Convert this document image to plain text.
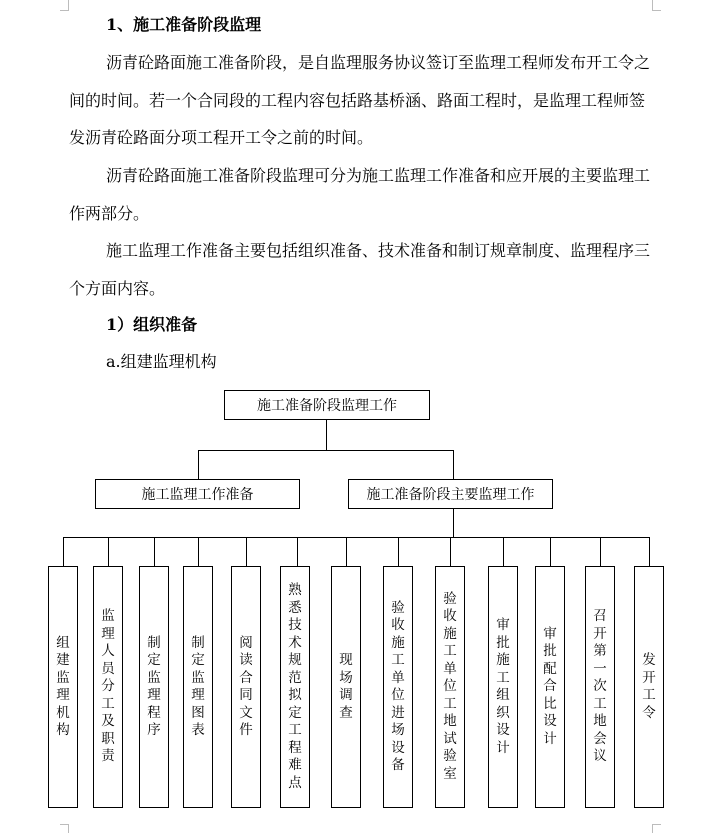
1、施工准备阶段监理

沥青砼路面施工准备阶段，是自监理服务协议签订至监理工程师发布开工令之间的时间。若一个合同段的工程内容包括路基桥涵、路面工程时，是监理工程师签发沥青砼路面分项工程开工令之前的时间。

沥青砼路面施工准备阶段监理可分为施工监理工作准备和应开展的主要监理工作两部分。

施工监理工作准备主要包括组织准备、技术准备和制订规章制度、监理程序三个方面内容。

1）组织准备
a.组建监理机构
施工准备阶段监理工作
施工监理工作准备	施工准备阶段主要监理工作
组建监理机构
监理人员分工及职责
制定监理程序
制定监理图表
阅读合同文件
熟悉技术规范拟定工程难点
现场调查
验收施工单位进场设备
验收施工单位工地试验室
审批施工组织设计
审批配合比设计
召开第一次工地会议
发开工令
